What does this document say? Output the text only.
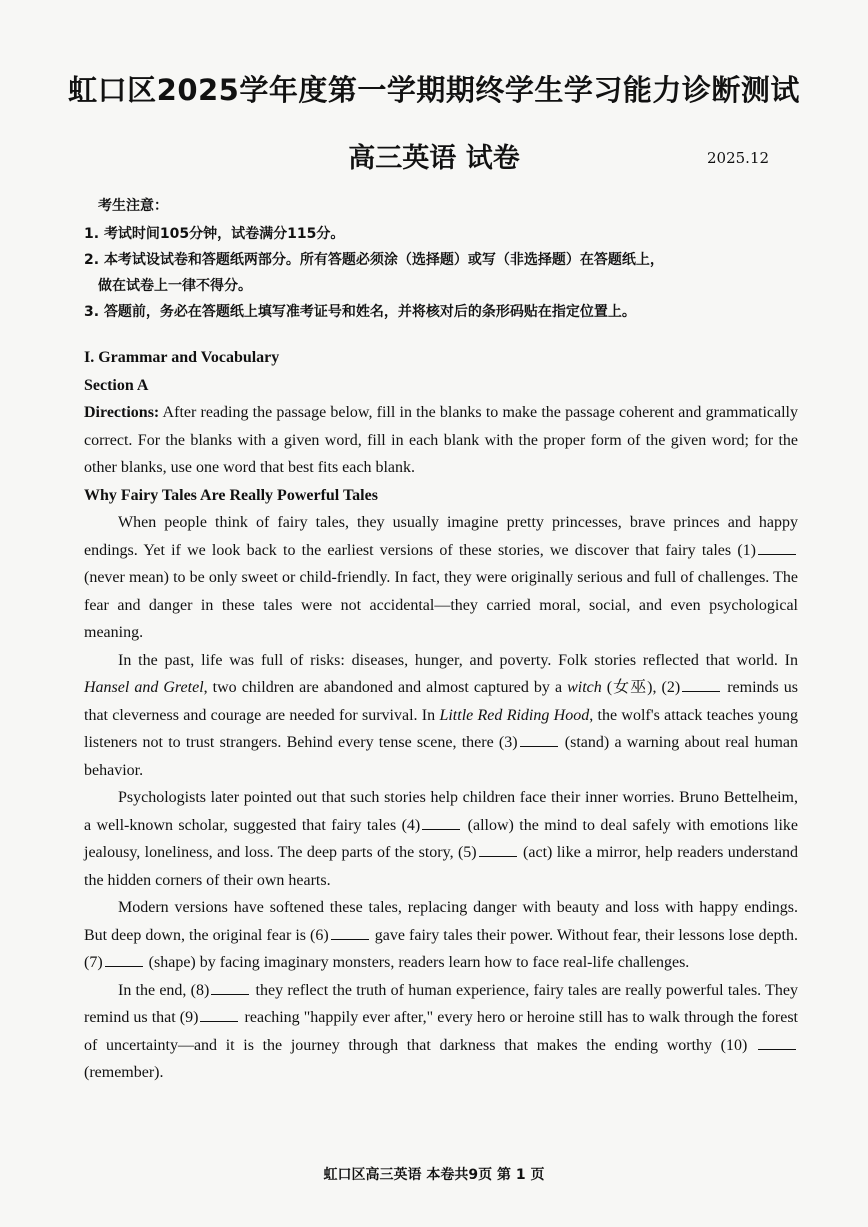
虹口区2025学年度第一学期期终学生学习能力诊断测试
高三英语 试卷	2025.12
考生注意：
1. 考试时间105分钟，试卷满分115分。
2. 本考试设试卷和答题纸两部分。所有答题必须涂（选择题）或写（非选择题）在答题纸上，
做在试卷上一律不得分。
3. 答题前，务必在答题纸上填写准考证号和姓名，并将核对后的条形码贴在指定位置上。

I. Grammar and Vocabulary

Section A

Directions: After reading the passage below, fill in the blanks to make the passage coherent and grammatically correct. For the blanks with a given word, fill in each blank with the proper form of the given word; for the other blanks, use one word that best fits each blank.

Why Fairy Tales Are Really Powerful Tales

When people think of fairy tales, they usually imagine pretty princesses, brave princes and happy endings. Yet if we look back to the earliest versions of these stories, we discover that fairy tales (1) (never mean) to be only sweet or child-friendly. In fact, they were originally serious and full of challenges. The fear and danger in these tales were not accidental—they carried moral, social, and even psychological meaning.

In the past, life was full of risks: diseases, hunger, and poverty. Folk stories reflected that world. In Hansel and Gretel, two children are abandoned and almost captured by a witch (女巫), (2)	reminds us that cleverness and courage are needed for survival. In Little Red Riding Hood, the wolf's attack teaches young listeners not to trust strangers. Behind every tense scene, there (3)	(stand) a warning about real human behavior.

Psychologists later pointed out that such stories help children face their inner worries. Bruno Bettelheim, a well-known scholar, suggested that fairy tales (4)	(allow) the mind to deal safely with emotions like jealousy, loneliness, and loss. The deep parts of the story, (5)	(act) like a mirror, help readers understand the hidden corners of their own hearts.

Modern versions have softened these tales, replacing danger with beauty and loss with happy endings. But deep down, the original fear is (6)	gave fairy tales their power. Without fear, their lessons lose depth. (7)	(shape) by facing imaginary monsters, readers learn how to face real-life challenges.

In the end, (8)	they reflect the truth of human experience, fairy tales are really powerful tales. They remind us that (9)	reaching "happily ever after," every hero or heroine still has to walk through the forest of uncertainty—and it is the journey through that darkness that makes the ending worthy (10)  (remember).

虹口区高三英语 本卷共9页 第 1 页
